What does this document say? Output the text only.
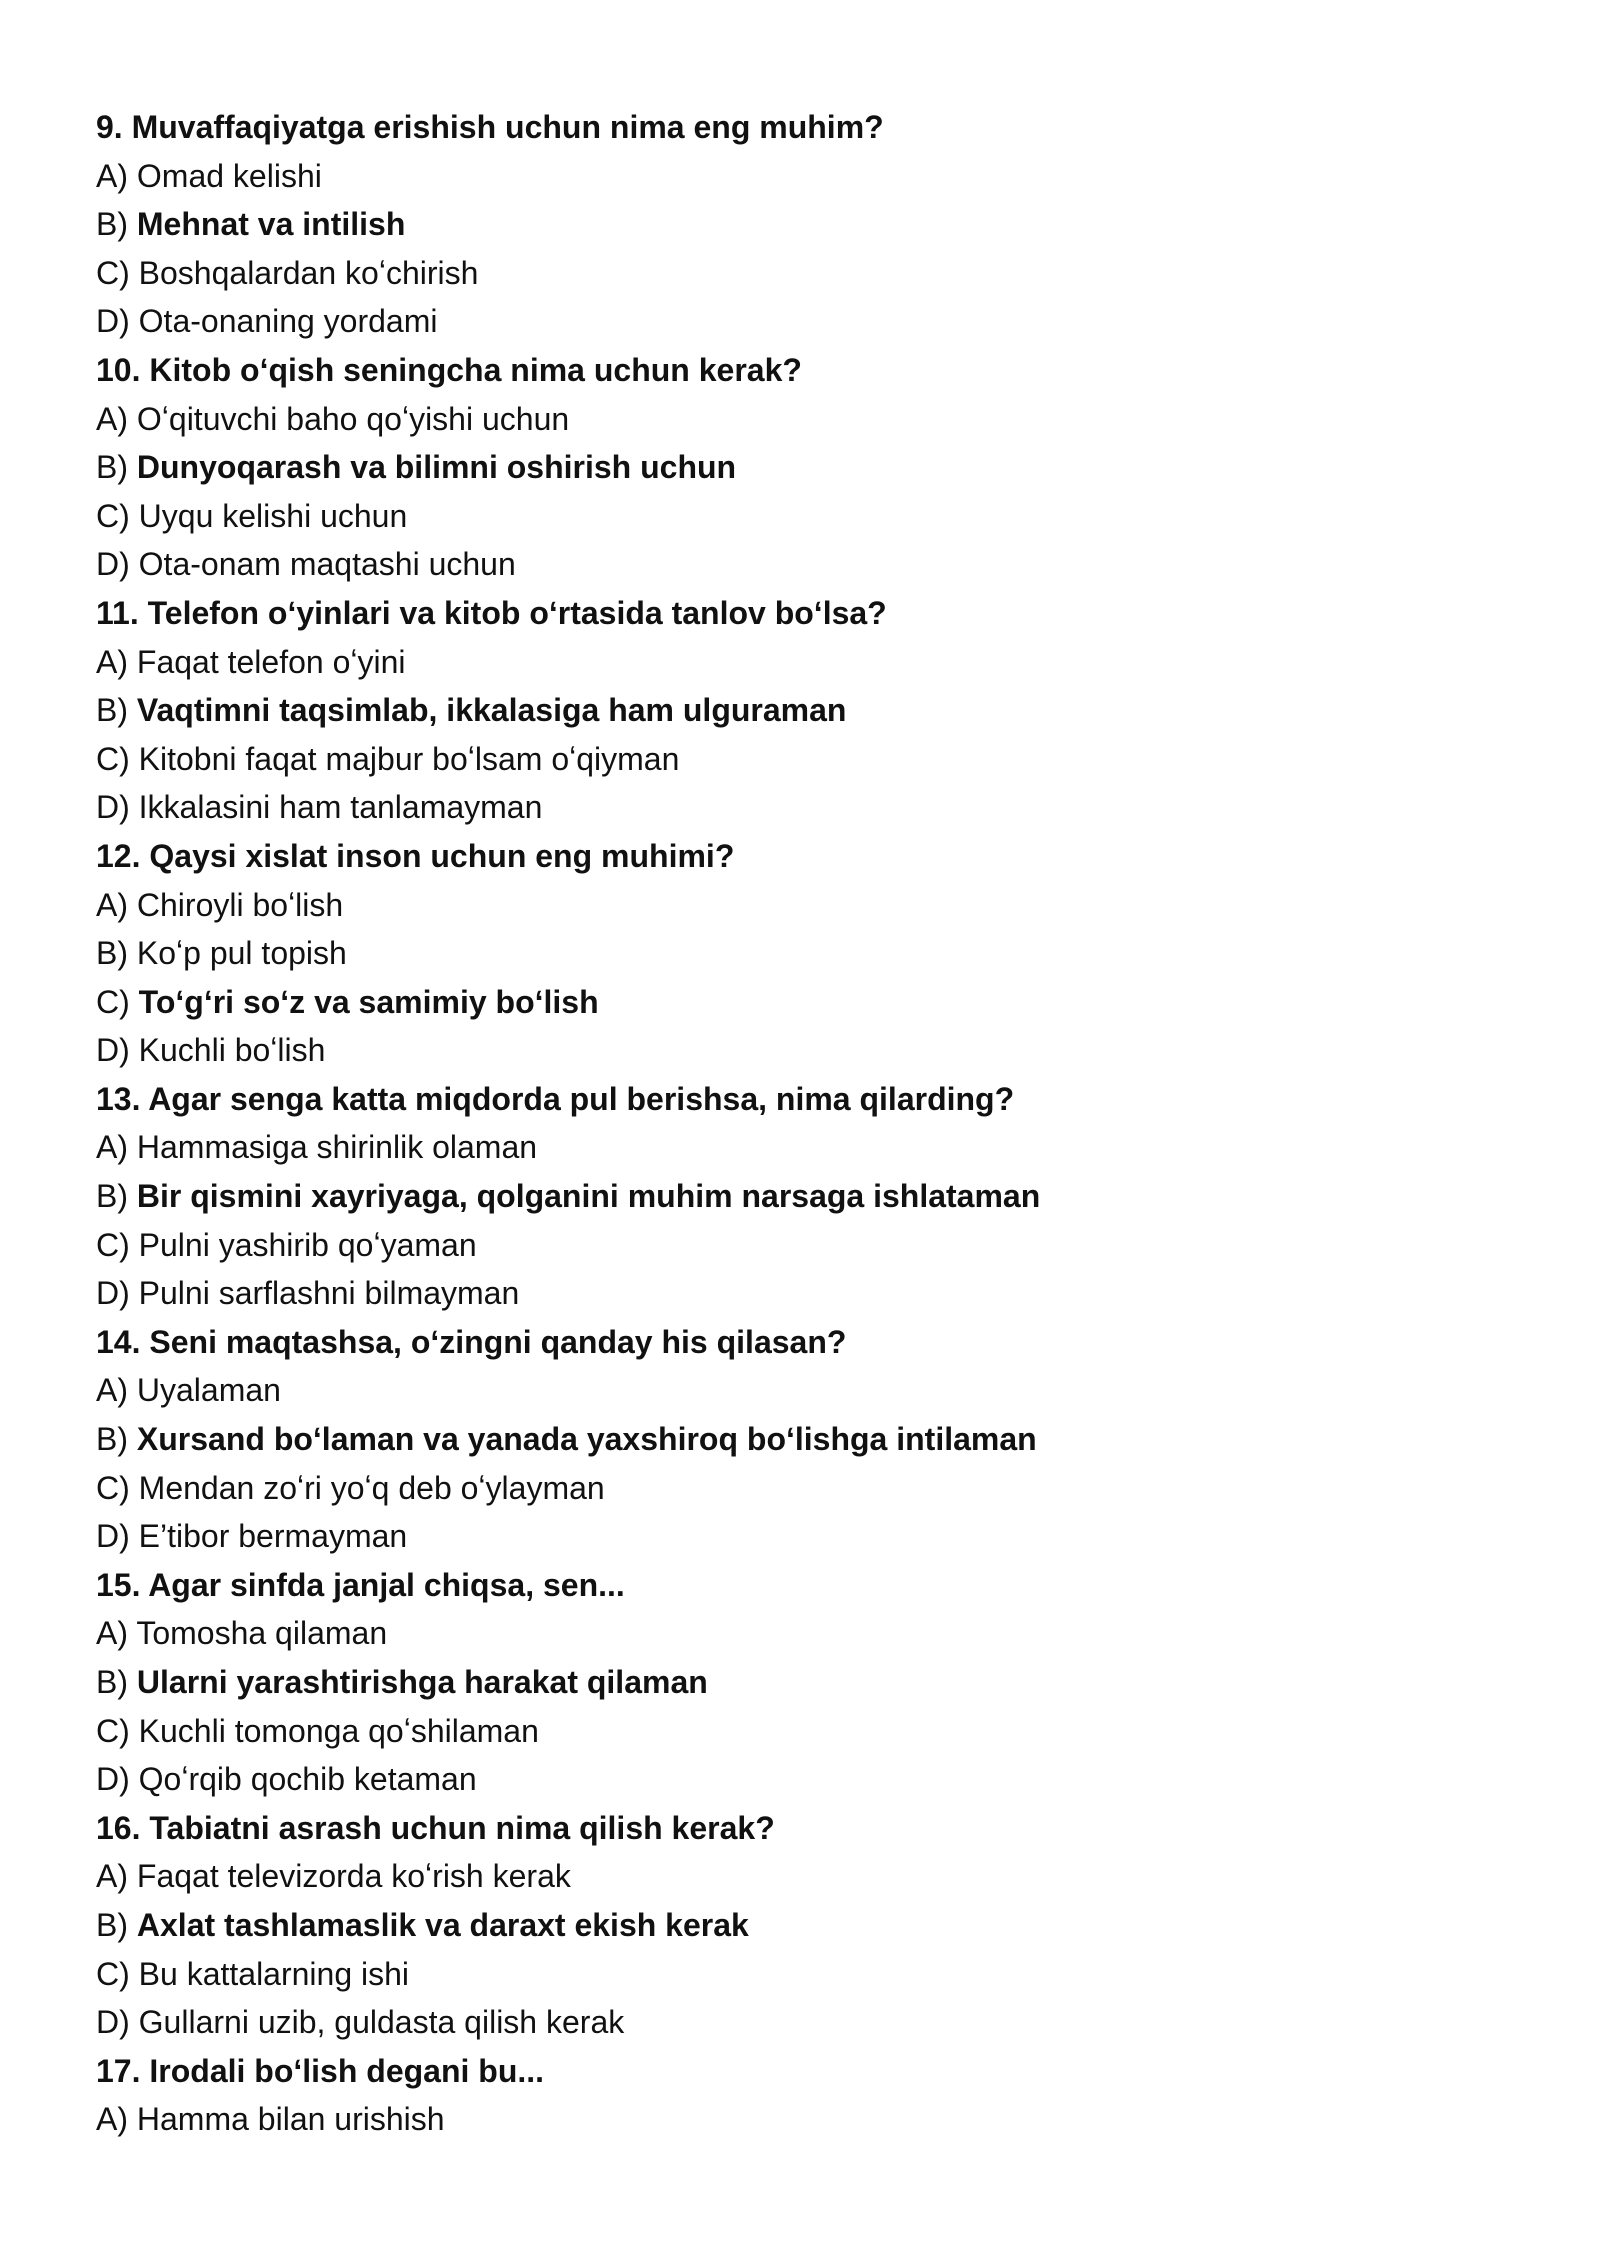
9. Muvaffaqiyatga erishish uchun nima eng muhim?
A) Omad kelishi
B) Mehnat va intilish
C) Boshqalardan koʻchirish
D) Ota-onaning yordami
10. Kitob oʻqish seningcha nima uchun kerak?
A) Oʻqituvchi baho qoʻyishi uchun
B) Dunyoqarash va bilimni oshirish uchun
C) Uyqu kelishi uchun
D) Ota-onam maqtashi uchun
11. Telefon oʻyinlari va kitob oʻrtasida tanlov boʻlsa?
A) Faqat telefon oʻyini
B) Vaqtimni taqsimlab, ikkalasiga ham ulguraman
C) Kitobni faqat majbur boʻlsam oʻqiyman
D) Ikkalasini ham tanlamayman
12. Qaysi xislat inson uchun eng muhimi?
A) Chiroyli boʻlish
B) Koʻp pul topish
C) Toʻgʻri soʻz va samimiy boʻlish
D) Kuchli boʻlish
13. Agar senga katta miqdorda pul berishsa, nima qilarding?
A) Hammasiga shirinlik olaman
B) Bir qismini xayriyaga, qolganini muhim narsaga ishlataman
C) Pulni yashirib qoʻyaman
D) Pulni sarflashni bilmayman
14. Seni maqtashsa, oʻzingni qanday his qilasan?
A) Uyalaman
B) Xursand boʻlaman va yanada yaxshiroq boʻlishga intilaman
C) Mendan zoʻri yoʻq deb oʻylayman
D) E’tibor bermayman
15. Agar sinfda janjal chiqsa, sen...
A) Tomosha qilaman
B) Ularni yarashtirishga harakat qilaman
C) Kuchli tomonga qoʻshilaman
D) Qoʻrqib qochib ketaman
16. Tabiatni asrash uchun nima qilish kerak?
A) Faqat televizorda koʻrish kerak
B) Axlat tashlamaslik va daraxt ekish kerak
C) Bu kattalarning ishi
D) Gullarni uzib, guldasta qilish kerak
17. Irodali boʻlish degani bu...
A) Hamma bilan urishish
